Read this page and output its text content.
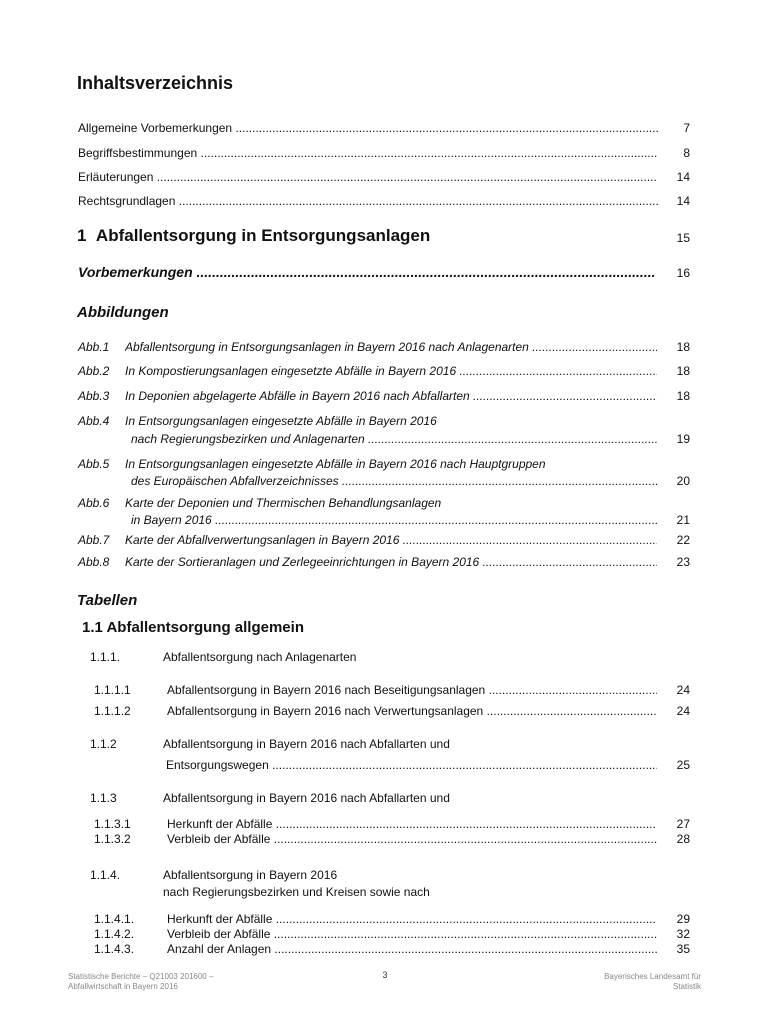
Inhaltsverzeichnis
Allgemeine Vorbemerkungen .....	7
Begriffsbestimmungen .....	8
Erläuterungen .....	14
Rechtsgrundlagen .....	14
1 Abfallentsorgung in Entsorgungsanlagen	15
Vorbemerkungen .....	16
Abbildungen
Abb.1 Abfallentsorgung in Entsorgungsanlagen in Bayern 2016 nach Anlagenarten .....	18
Abb.2 In Kompostierungsanlagen eingesetzte Abfälle in Bayern 2016 .....	18
Abb.3 In Deponien abgelagerte Abfälle in Bayern 2016 nach Abfallarten .....	18
Abb.4 In Entsorgungsanlagen eingesetzte Abfälle in Bayern 2016
nach Regierungsbezirken und Anlagenarten .....	19
Abb.5 In Entsorgungsanlagen eingesetzte Abfälle in Bayern 2016 nach Hauptgruppen
des Europäischen Abfallverzeichnisses .....	20
Abb.6 Karte der Deponien und Thermischen Behandlungsanlagen
in Bayern 2016 .....	21
Abb.7 Karte der Abfallverwertungsanlagen in Bayern 2016 .....	22
Abb.8 Karte der Sortieranlagen und Zerlegeeinrichtungen in Bayern 2016 .....	23
Tabellen
1.1 Abfallentsorgung allgemein
1.1.1.	Abfallentsorgung nach Anlagenarten
1.1.1.1	Abfallentsorgung in Bayern 2016 nach Beseitigungsanlagen .....	24
1.1.1.2	Abfallentsorgung in Bayern 2016 nach Verwertungsanlagen .....	24
1.1.2	Abfallentsorgung in Bayern 2016 nach Abfallarten und
Entsorgungswegen .....	25
1.1.3	Abfallentsorgung in Bayern 2016 nach Abfallarten und
1.1.3.1	Herkunft der Abfälle .....	27
1.1.3.2	Verbleib der Abfälle .....	28
1.1.4.	Abfallentsorgung in Bayern 2016
nach Regierungsbezirken und Kreisen sowie nach
1.1.4.1.	Herkunft der Abfälle .....	29
1.1.4.2.	Verbleib der Abfälle .....	32
1.1.4.3.	Anzahl der Anlagen .....	35
Statistische Berichte – Q21003 201600 –
Abfallwirtschaft in Bayern 2016
3	Bayerisches Landesamt für
Statistik
